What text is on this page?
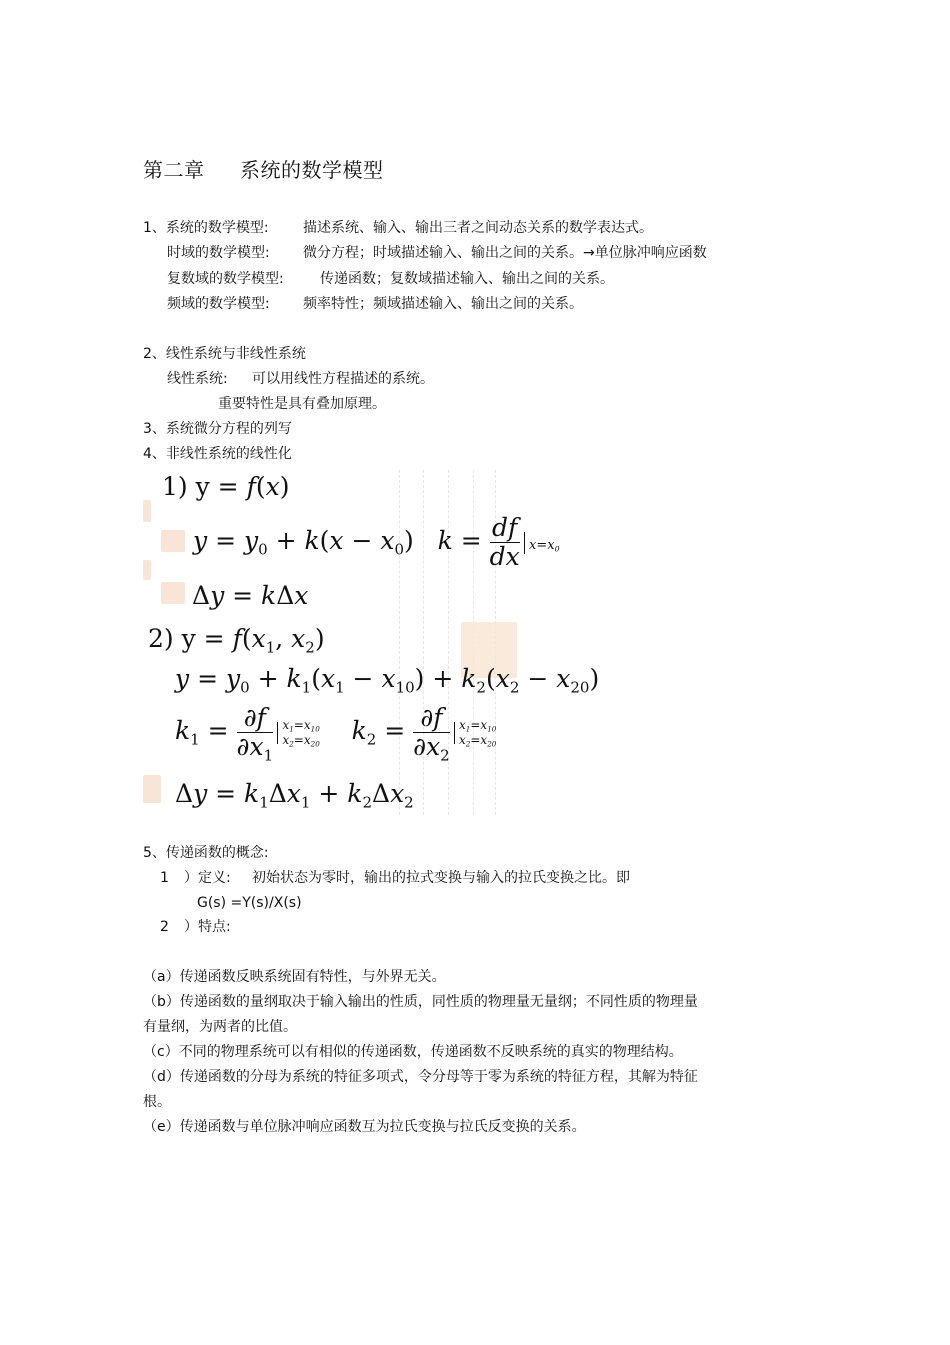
第二章 系统的数学模型
1、系统的数学模型: 描述系统、输入、输出三者之间动态关系的数学表达式。
时域的数学模型: 微分方程；时域描述输入、输出之间的关系。→单位脉冲响应函数
复数域的数学模型:	传递函数；复数域描述输入、输出之间的关系。
频域的数学模型: 频率特性；频域描述输入、输出之间的关系。
2、线性系统与非线性系统
线性系统: 可以用线性方程描述的系统。
重要特性是具有叠加原理。
3、系统微分方程的列写
4、非线性系统的线性化
1) y = f(x)
$y = y_0 + k(x - x_0) k = \frac{df}{dx} x=x_0$
Δy = kΔx
2) $y = f(x_1$, $x_2$)
$y = y_0 + k_1(x_1 - x_{10}) + k_2(x_2 - x_{20})$
$k_1 = \frac{\partial f}{\partial x_1} x_1=x_{10}$
$x_2=x_{20}$ $k_2 = \frac{\partial f}{\partial x_2} x_1=x_{10}$
$x_2=x_{20}$
$\Delta y = k_1\Delta x_1 + k_2\Delta x_2$
5、传递函数的概念:
1 ）定义: 初始状态为零时，输出的拉式变换与输入的拉氏变换之比。即
G(s) =Y(s)/X(s)
2 ）特点:
（a）传递函数反映系统固有特性，与外界无关。
（b）传递函数的量纲取决于输入输出的性质，同性质的物理量无量纲；不同性质的物理量
有量纲，为两者的比值。
（c）不同的物理系统可以有相似的传递函数，传递函数不反映系统的真实的物理结构。
（d）传递函数的分母为系统的特征多项式，令分母等于零为系统的特征方程，其解为特征
根。
（e）传递函数与单位脉冲响应函数互为拉氏变换与拉氏反变换的关系。
